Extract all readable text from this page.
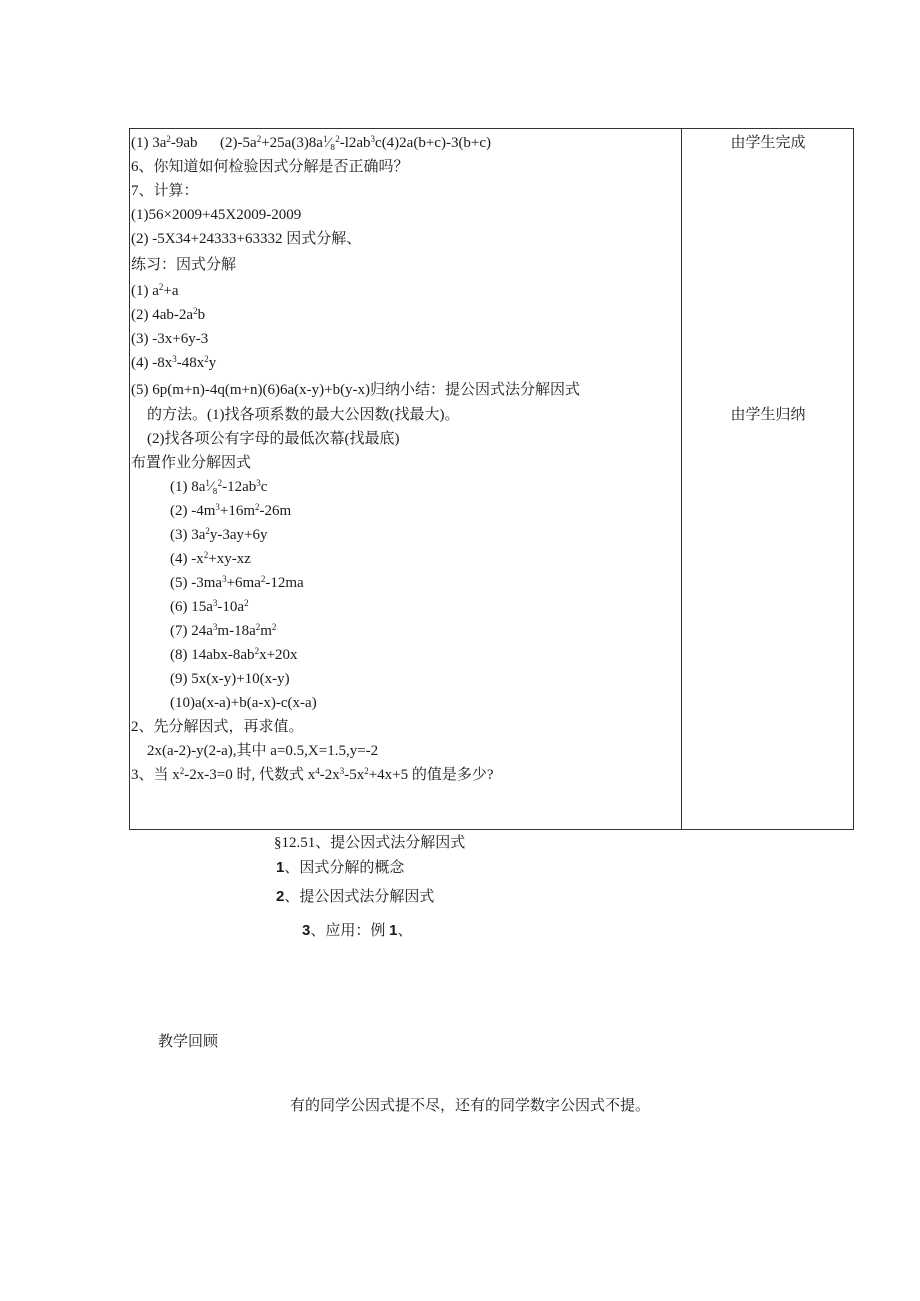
(1) $3a^2-9ab$      $(2)-5a^2+25a(3)8a^1⁄_8^2-l2ab^3c(4)2a(b+c)-3(b+c)$
6、你知道如何检验因式分解是否正确吗？
7、计算：
(1)56×2009+45X2009-2009
(2) -5X34+24333+63332 因式分解、
练习：因式分解
(1) $a^2+a$
(2) $4ab-2a^2b$
(3) -3x+6y-3
(4) $-8x^3-48x^2y$
(5) 6p(m+n)-4q(m+n)(6)6a(x-y)+b(y-x)归纳小结：提公因式法分解因式
的方法。(1)找各项系数的最大公因数(找最大)。
(2)找各项公有字母的最低次幕(找最底)
布置作业分解因式
(1) $8a^1⁄_8^2-12ab^3c$
(2) $-4m^3+16m^2-26m$
(3) $3a^2y-3ay+6y$
(4) $-x^2+xy-xz$
(5) $-3ma^3+6ma^2-12ma$
(6) $15a^3-10a^2$
(7) $24a^3m-18a^2m^2$
(8) $14abx-8ab^2x+20x$
(9) 5x(x-y)+10(x-y)
(10)a(x-a)+b(a-x)-c(x-a)
2、先分解因式，再求值。
2x(a-2)-y(2-a),其中 a=0.5,X=1.5,y=-2
3、当 $x^2-2x-3=0$ 时, 代数式 $x^4-2x^3-5x^2+4x+5$ 的值是多少?
由学生完成
由学生归纳
§12.51、提公因式法分解因式
1、因式分解的概念
2、提公因式法分解因式
3、应用：例 1、
教学回顾
有的同学公因式提不尽，还有的同学数字公因式不提。
